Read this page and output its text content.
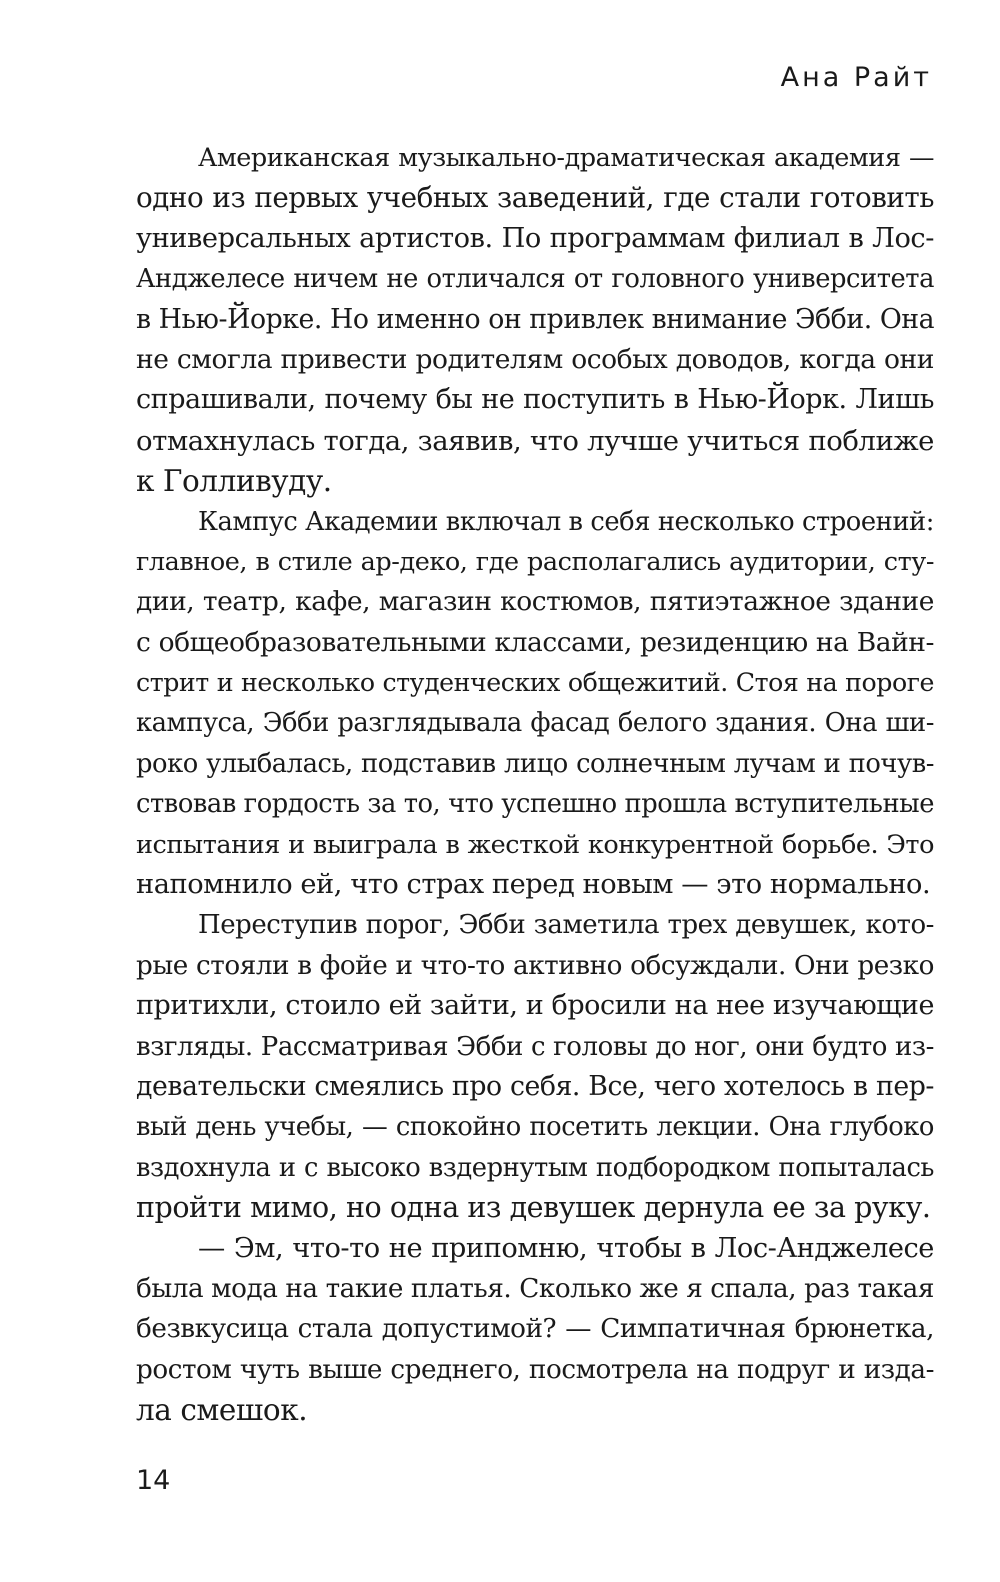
Ана Райт
Американская музыкально-драматическая академия —
одно из первых учебных заведений, где стали готовить
универсальных артистов. По программам филиал в Лос-
Анджелесе ничем не отличался от головного университета
в Нью-Йорке. Но именно он привлек внимание Эбби. Она
не смогла привести родителям особых доводов, когда они
спрашивали, почему бы не поступить в Нью-Йорк. Лишь
отмахнулась тогда, заявив, что лучше учиться поближе
к Голливуду.
Кампус Академии включал в себя несколько строений:
главное, в стиле ар-деко, где располагались аудитории, сту-
дии, театр, кафе, магазин костюмов, пятиэтажное здание
с общеобразовательными классами, резиденцию на Вайн-
стрит и несколько студенческих общежитий. Стоя на пороге
кампуса, Эбби разглядывала фасад белого здания. Она ши-
роко улыбалась, подставив лицо солнечным лучам и почув-
ствовав гордость за то, что успешно прошла вступительные
испытания и выиграла в жесткой конкурентной борьбе. Это
напомнило ей, что страх перед новым — это нормально.
Переступив порог, Эбби заметила трех девушек, кото-
рые стояли в фойе и что-то активно обсуждали. Они резко
притихли, стоило ей зайти, и бросили на нее изучающие
взгляды. Рассматривая Эбби с головы до ног, они будто из-
девательски смеялись про себя. Все, чего хотелось в пер-
вый день учебы, — спокойно посетить лекции. Она глубоко
вздохнула и с высоко вздернутым подбородком попыталась
пройти мимо, но одна из девушек дернула ее за руку.
— Эм, что-то не припомню, чтобы в Лос-Анджелесе
была мода на такие платья. Сколько же я спала, раз такая
безвкусица стала допустимой? — Симпатичная брюнетка,
ростом чуть выше среднего, посмотрела на подруг и изда-
ла смешок.
14
